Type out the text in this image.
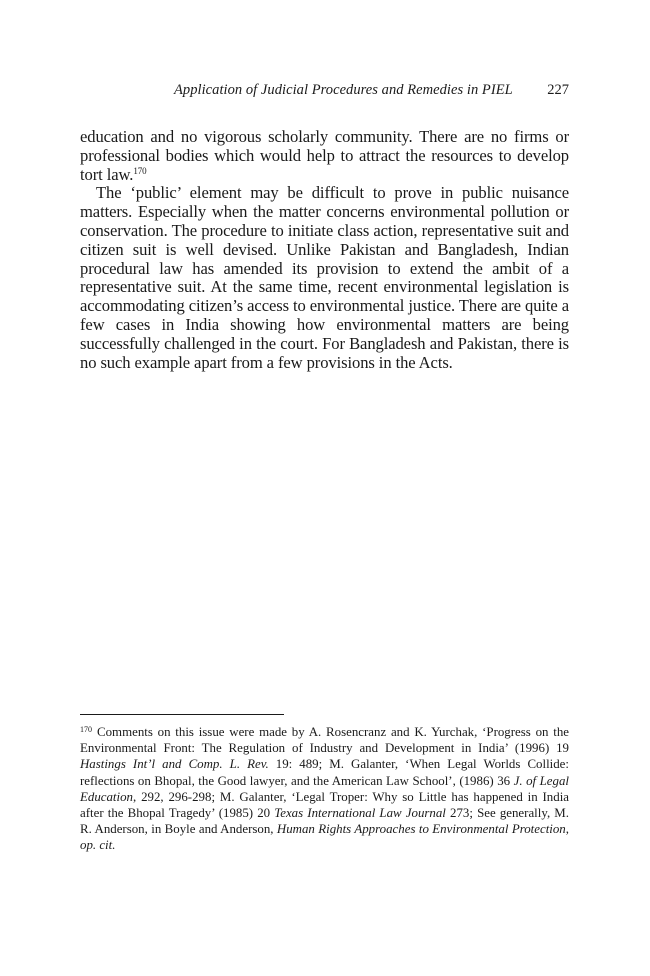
Application of Judicial Procedures and Remedies in PIEL 227

education and no vigorous scholarly community. There are no firms or professional bodies which would help to attract the resources to develop tort law.$^{170}$

The ‘public’ element may be difficult to prove in public nuisance matters. Especially when the matter concerns environmental pollution or conservation. The procedure to initiate class action, representative suit and citizen suit is well devised. Unlike Pakistan and Bangladesh, Indian procedural law has amended its provision to extend the ambit of a representative suit. At the same time, recent environmental legislation is accommodating citizen’s access to environmental justice. There are quite a few cases in India showing how environmental matters are being successfully challenged in the court. For Bangladesh and Pakistan, there is no such example apart from a few provisions in the Acts.

$^{170}$ Comments on this issue were made by A. Rosencranz and K. Yurchak, ‘Progress on the Environmental Front: The Regulation of Industry and Development in India’ (1996) 19 Hastings Int’l and Comp. L. Rev. 19: 489; M. Galanter, ‘When Legal Worlds Collide: reflections on Bhopal, the Good lawyer, and the American Law School’, (1986) 36 J. of Legal Education, 292, 296-298; M. Galanter, ‘Legal Troper: Why so Little has happened in India after the Bhopal Tragedy’ (1985) 20 Texas International Law Journal 273; See generally, M. R. Anderson, in Boyle and Anderson, Human Rights Approaches to Environmental Protection, op. cit.
